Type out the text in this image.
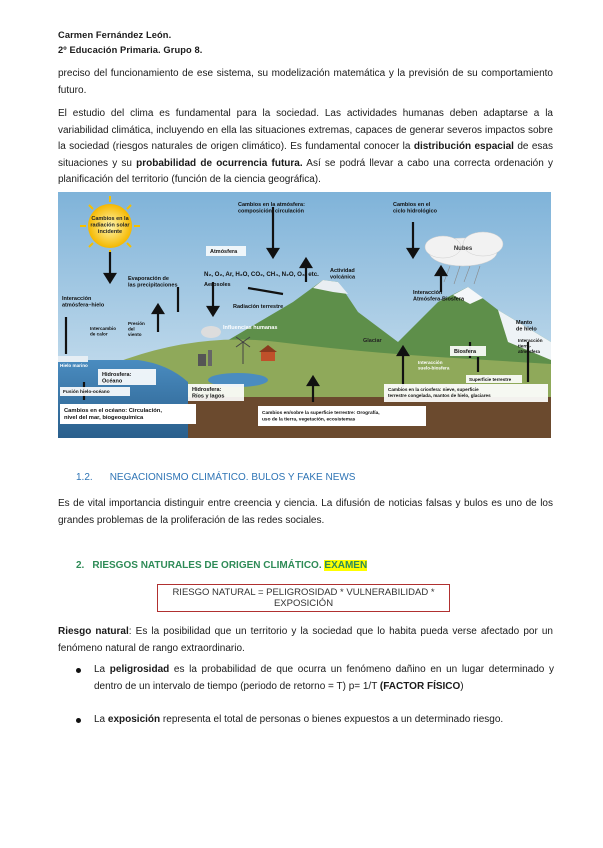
Carmen Fernández León.
2º Educación Primaria. Grupo 8.
preciso del funcionamiento de ese sistema, su modelización matemática y la previsión de su comportamiento futuro.
El estudio del clima es fundamental para la sociedad. Las actividades humanas deben adaptarse a la variabilidad climática, incluyendo en ella las situaciones extremas, capaces de generar severos impactos sobre la sociedad (riesgos naturales de origen climático). Es fundamental conocer la distribución espacial de esas situaciones y su probabilidad de ocurrencia futura. Así se podrá llevar a cabo una correcta ordenación y planificación del territorio (función de la ciencia geográfica).
Cambios en la radiación solar incidente
Nubes
Cambios en la atmósfera: composición, circulación
Cambios en el ciclo hidrológico
Atmósfera
N₂, O₂, Ar, H₂O, CO₂, CH₄, N₂O, O₃, etc.
Aerosoles
Actividad volcánica
Interacción atmósfera–hielo
Evaporación de las precipitaciones
Radiación terrestre
Interacción Atmósfera-Biosfera
Intercambio de calor
Presión del viento
Influencias humanas
Glaciar
Manto de hielo
Interacción tierra-atmósfera
Hielo marino
Hidrosfera: Océano
Biosfera
Interacción suelo-biosfera
Fusión hielo-océano	Hidrosfera: Ríos y lagos
Cambios en la criosfera: nieve, superficie terrestre congelada, mantos de hielo, glaciares
Superficie terrestre
Cambios en el océano: Circulación, nivel del mar, biogeoquímica
Cambios en/sobre la superficie terrestre: Orografía, uso de la tierra, vegetación, ecosistemas
1.2. NEGACIONISMO CLIMÁTICO. BULOS Y FAKE NEWS
Es de vital importancia distinguir entre creencia y ciencia. La difusión de noticias falsas y bulos es uno de los grandes problemas de la proliferación de las redes sociales.
2. RIESGOS NATURALES DE ORIGEN CLIMÁTICO. EXAMEN
RIESGO NATURAL = PELIGROSIDAD * VULNERABILIDAD *
EXPOSICIÓN
Riesgo natural: Es la posibilidad que un territorio y la sociedad que lo habita pueda verse afectado por un fenómeno natural de rango extraordinario.
La peligrosidad es la probabilidad de que ocurra un fenómeno dañino en un lugar determinado y dentro de un intervalo de tiempo (periodo de retorno = T) p= 1/T (FACTOR FÍSICO)
La exposición representa el total de personas o bienes expuestos a un determinado riesgo.
